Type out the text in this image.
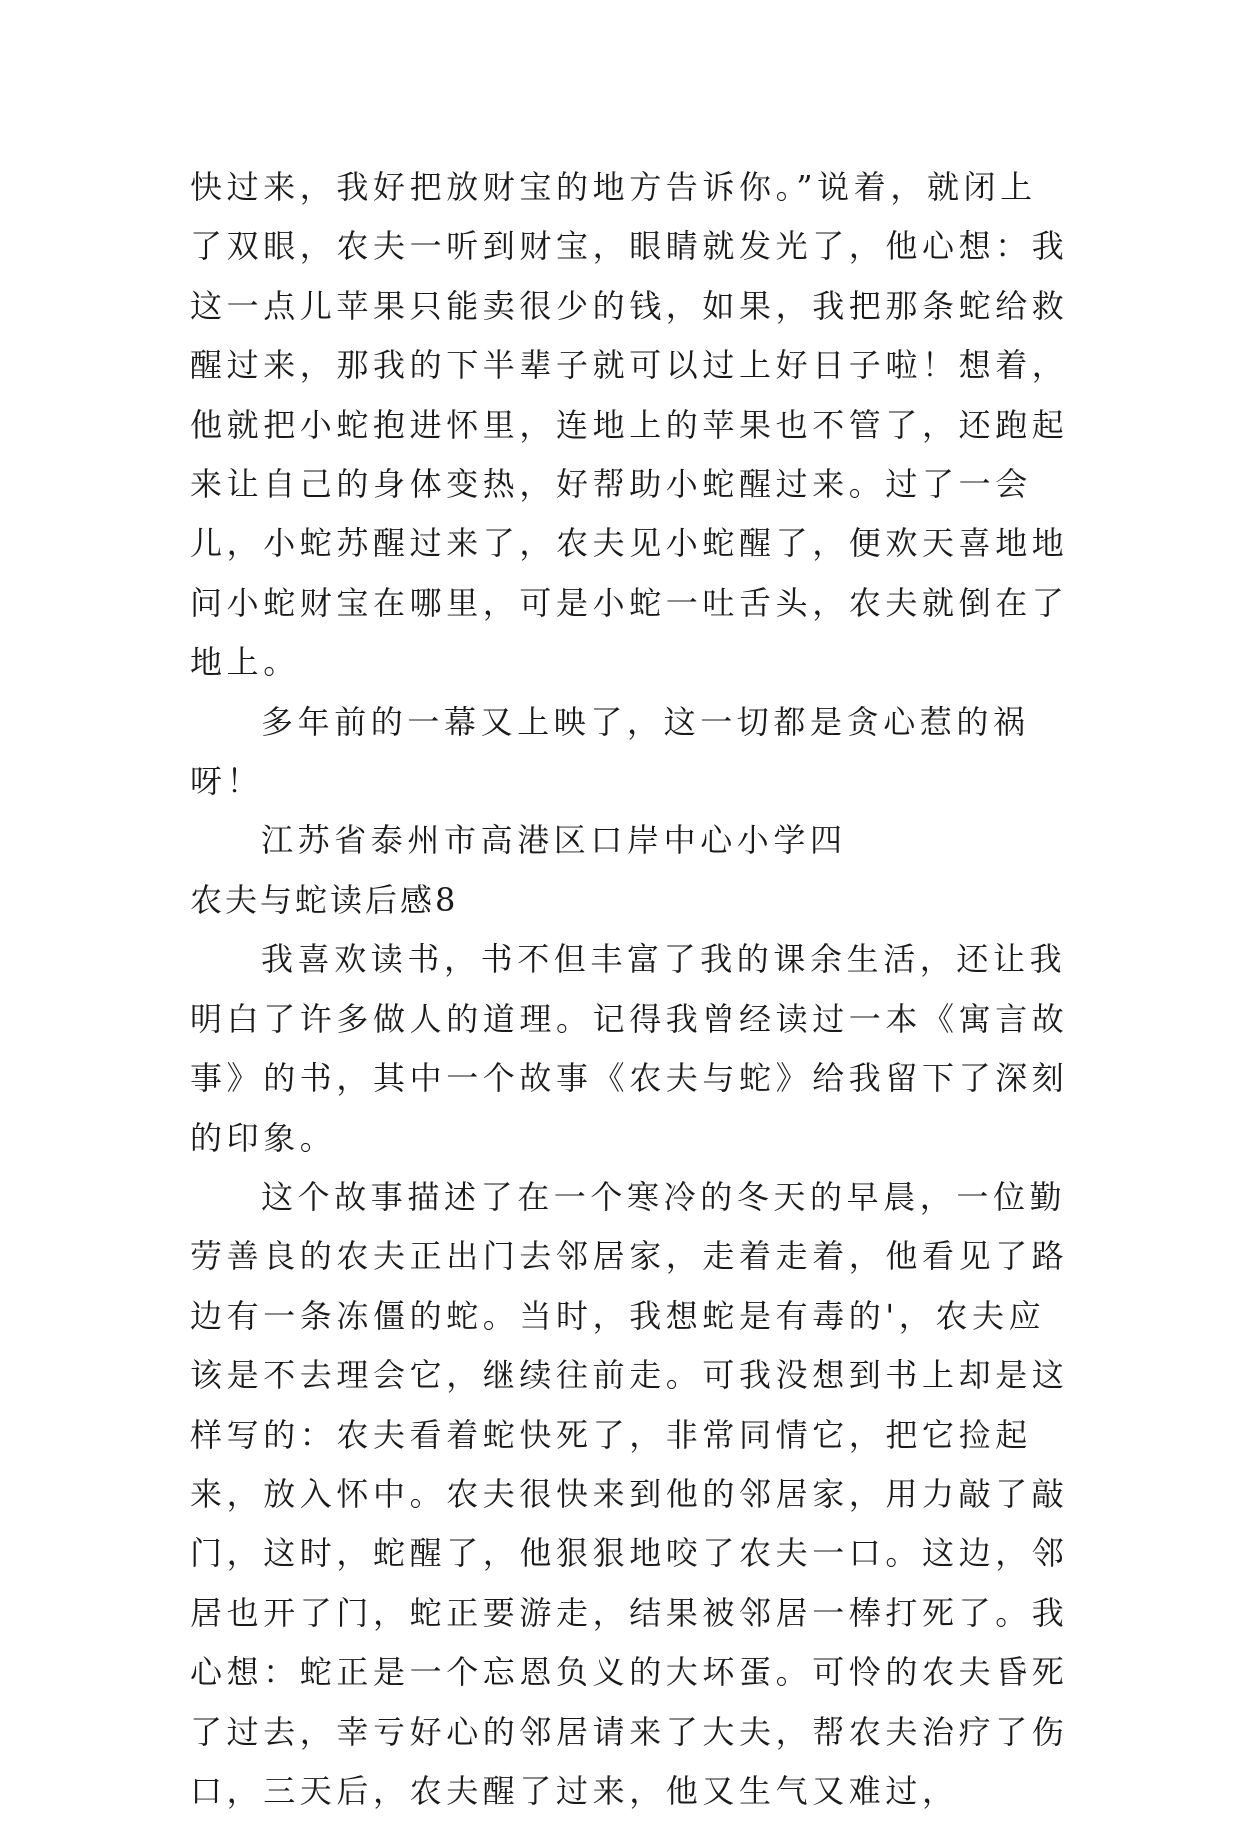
快过来，我好把放财宝的地方告诉你。”说着，就闭上了双眼，农夫一听到财宝，眼睛就发光了，他心想：我这一点儿苹果只能卖很少的钱，如果，我把那条蛇给救醒过来，那我的下半辈子就可以过上好日子啦！想着，他就把小蛇抱进怀里，连地上的苹果也不管了，还跑起来让自己的身体变热，好帮助小蛇醒过来。过了一会儿，小蛇苏醒过来了，农夫见小蛇醒了，便欢天喜地地问小蛇财宝在哪里，可是小蛇一吐舌头，农夫就倒在了地上。

多年前的一幕又上映了，这一切都是贪心惹的祸呀！

江苏省泰州市高港区口岸中心小学四

农夫与蛇读后感8

我喜欢读书，书不但丰富了我的课余生活，还让我明白了许多做人的道理。记得我曾经读过一本《寓言故事》的书，其中一个故事《农夫与蛇》给我留下了深刻的印象。

这个故事描述了在一个寒冷的冬天的早晨，一位勤劳善良的农夫正出门去邻居家，走着走着，他看见了路边有一条冻僵的蛇。当时，我想蛇是有毒的'，农夫应该是不去理会它，继续往前走。可我没想到书上却是这样写的：农夫看着蛇快死了，非常同情它，把它捡起来，放入怀中。农夫很快来到他的邻居家，用力敲了敲门，这时，蛇醒了，他狠狠地咬了农夫一口。这边，邻居也开了门，蛇正要游走，结果被邻居一棒打死了。我心想：蛇正是一个忘恩负义的大坏蛋。可怜的农夫昏死了过去，幸亏好心的邻居请来了大夫，帮农夫治疗了伤口，三天后，农夫醒了过来，他又生气又难过，
